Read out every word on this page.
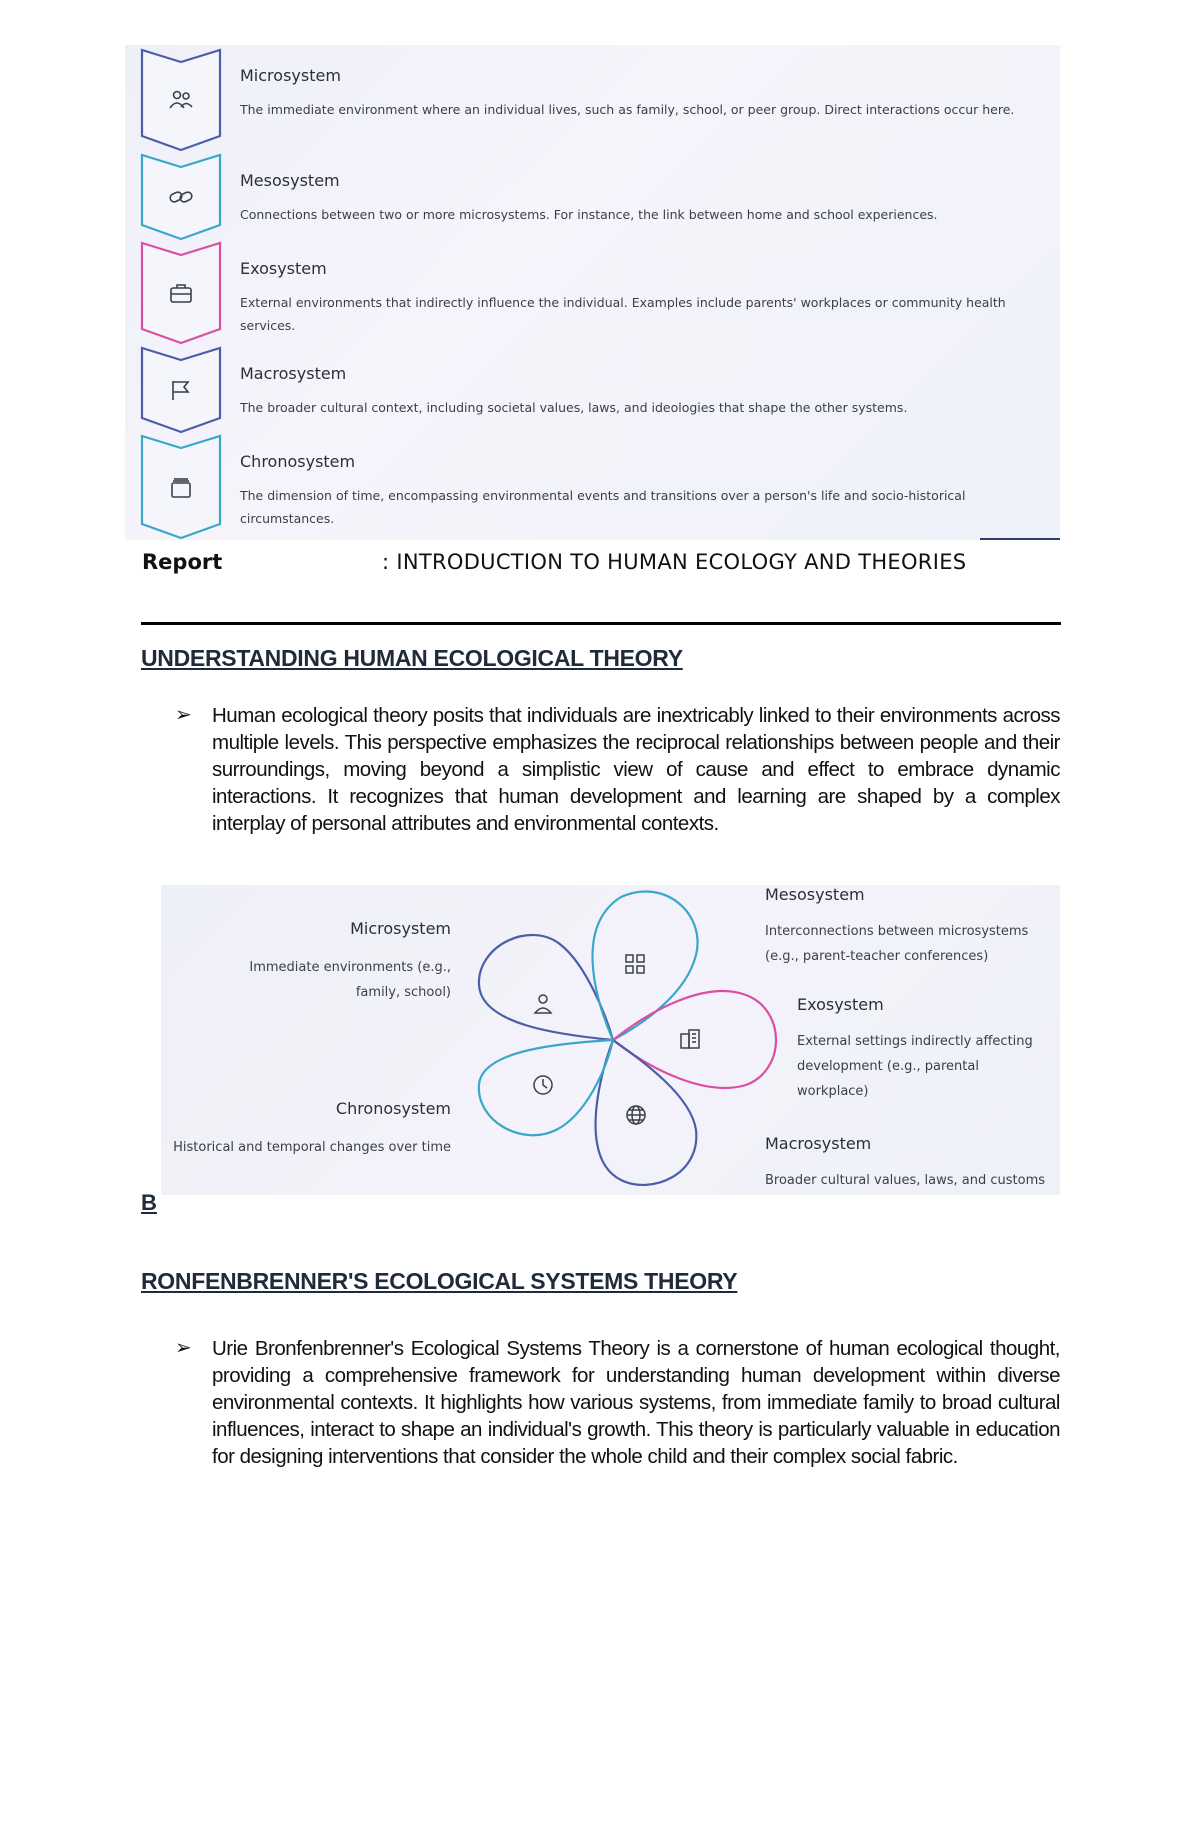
Microsystem
The immediate environment where an individual lives, such as family, school, or peer group. Direct interactions occur here.
Mesosystem
Connections between two or more microsystems. For instance, the link between home and school experiences.
Exosystem
External environments that indirectly influence the individual. Examples include parents' workplaces or community health services.
Macrosystem
The broader cultural context, including societal values, laws, and ideologies that shape the other systems.
Chronosystem
The dimension of time, encompassing environmental events and transitions over a person's life and socio-historical circumstances.
Report	: INTRODUCTION TO HUMAN ECOLOGY AND THEORIES
UNDERSTANDING HUMAN ECOLOGICAL THEORY
➢ Human ecological theory posits that individuals are inextricably linked to their environments across multiple levels. This perspective emphasizes the reciprocal relationships between people and their surroundings, moving beyond a simplistic view of cause and effect to embrace dynamic interactions. It recognizes that human development and learning are shaped by a complex interplay of personal attributes and environmental contexts.
Microsystem
Immediate environments (e.g., family, school)
Mesosystem
Interconnections between microsystems (e.g., parent-teacher conferences)
Exosystem
External settings indirectly affecting development (e.g., parental workplace)
Chronosystem
Historical and temporal changes over time	Macrosystem
Broader cultural values, laws, and customs
B
RONFENBRENNER'S ECOLOGICAL SYSTEMS THEORY
➢ Urie Bronfenbrenner's Ecological Systems Theory is a cornerstone of human ecological thought, providing a comprehensive framework for understanding human development within diverse environmental contexts. It highlights how various systems, from immediate family to broad cultural influences, interact to shape an individual's growth. This theory is particularly valuable in education for designing interventions that consider the whole child and their complex social fabric.
